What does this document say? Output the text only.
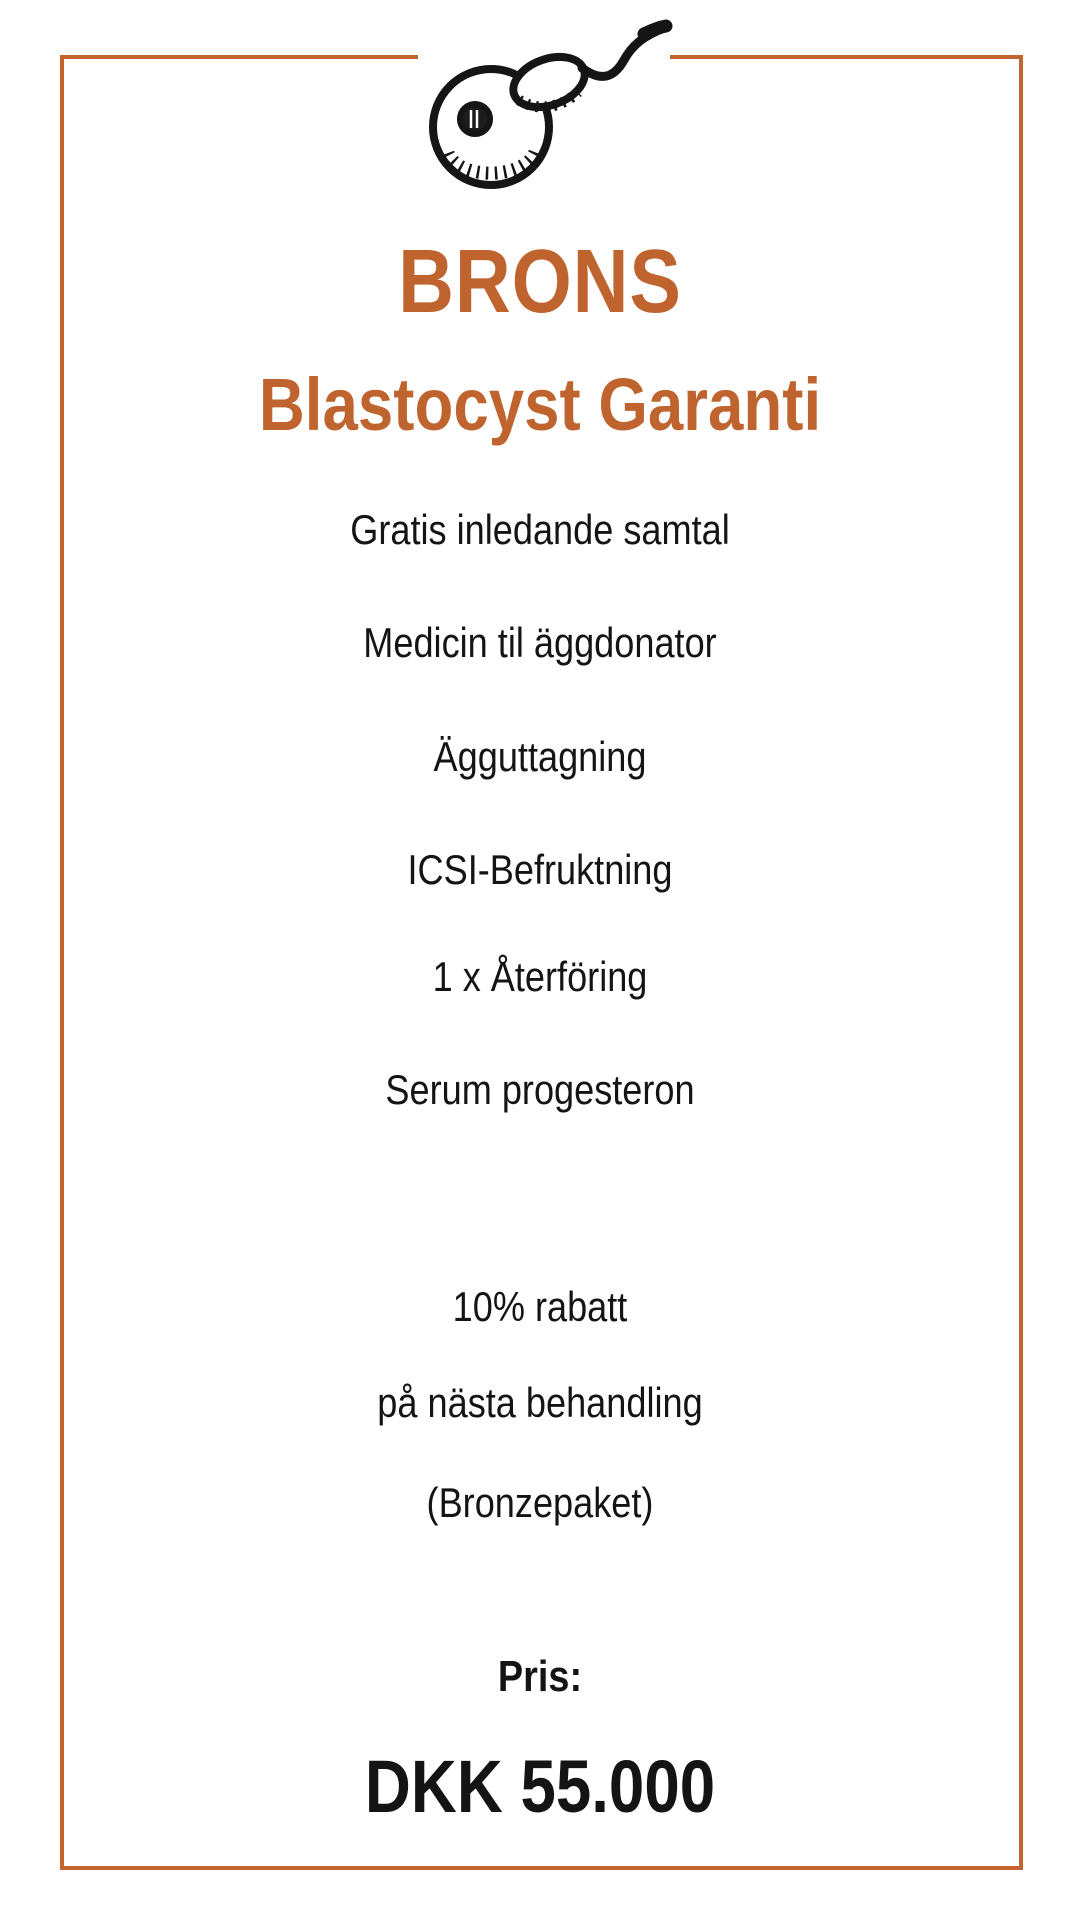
BRONS
Blastocyst Garanti
Gratis inledande samtal
Medicin til äggdonator
Ägguttagning
ICSI-Befruktning
1 x Återföring
Serum progesteron
10% rabatt
på nästa behandling
(Bronzepaket)
Pris:
DKK 55.000
